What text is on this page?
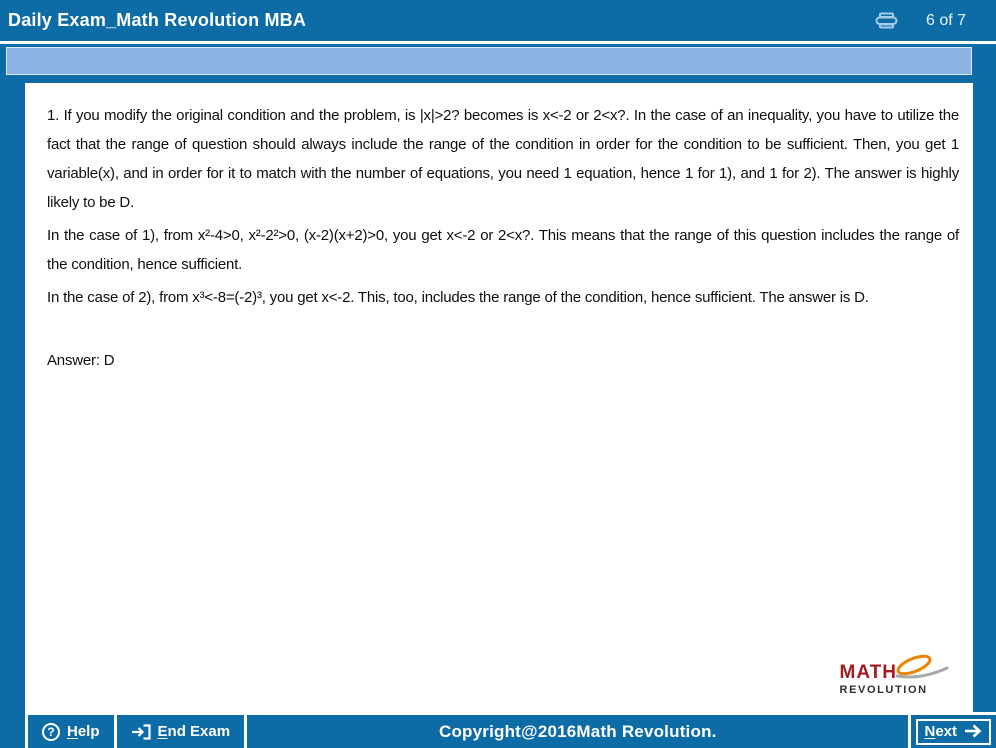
Daily Exam_Math Revolution MBA	6 of 7

1. If you modify the original condition and the problem, is |x|>2? becomes is x<-2 or 2<x?. In the case of an inequality, you have to utilize the fact that the range of question should always include the range of the condition in order for the condition to be sufficient. Then, you get 1 variable(x), and in order for it to match with the number of equations, you need 1 equation, hence 1 for 1), and 1 for 2). The answer is highly likely to be D.

In the case of 1), from x²-4>0, x²-2²>0, (x-2)(x+2)>0, you get x<-2 or 2<x?. This means that the range of this question includes the range of the condition, hence sufficient.

In the case of 2), from x³<-8=(-2)³, you get x<-2. This, too, includes the range of the condition, hence sufficient. The answer is D.

Answer: D
MATH
REVOLUTION
? Help	End Exam	Copyright@2016Math Revolution.	Next
